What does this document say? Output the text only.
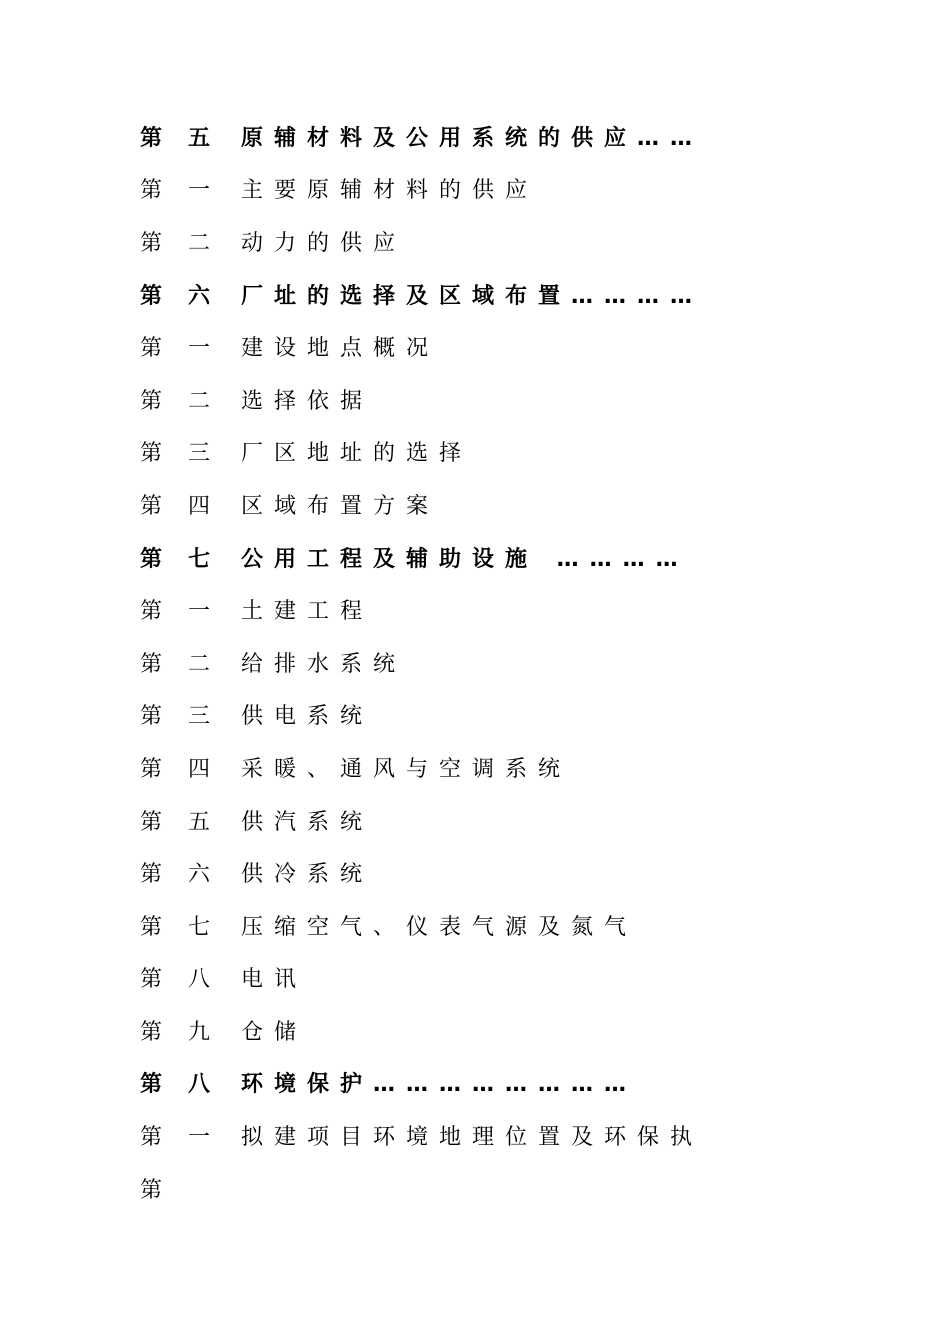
第	五	原辅材料及公用系统的供应……
第	一	主要原辅材料的供应
第	二	动力的供应
第	六	厂址的选择及区域布置…………
第	一	建设地点概况
第	二	选择依据
第	三	厂区地址的选择
第	四	区域布置方案
第	七	公用工程及辅助设施 …………
第	一	土建工程
第	二	给排水系统
第	三	供电系统
第	四	采暖、通风与空调系统
第	五	供汽系统
第	六	供冷系统
第	七	压缩空气、仪表气源及氮气
第	八	电讯
第	九	仓储
第	八	环境保护……………………
第	一	拟建项目环境地理位置及环保执
第
